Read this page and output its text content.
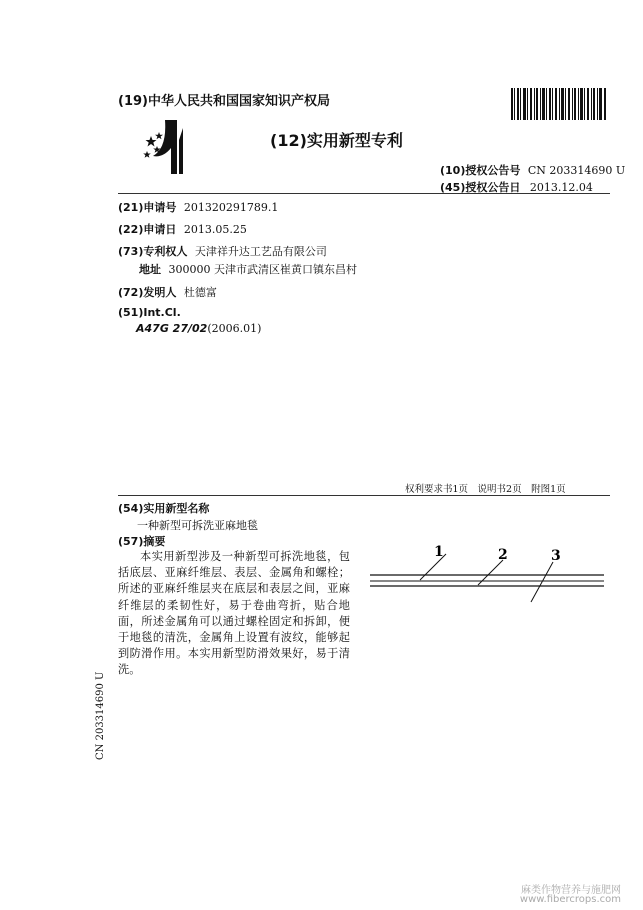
(19)中华人民共和国国家知识产权局
(12)实用新型专利
(10)授权公告号 CN 203314690 U
(45)授权公告日 2013.12.04
(21)申请号 201320291789.1
(22)申请日 2013.05.25
(73)专利权人 天津祥升达工艺品有限公司
地址 300000 天津市武清区崔黄口镇东昌村
(72)发明人 杜德富
(51)Int.Cl.
A47G 27/02(2006.01)
权利要求书1页　说明书2页　附图1页
(54)实用新型名称
一种新型可拆洗亚麻地毯
(57)摘要

本实用新型涉及一种新型可拆洗地毯，包括底层、亚麻纤维层、表层、金属角和螺栓；所述的亚麻纤维层夹在底层和表层之间，亚麻纤维层的柔韧性好，易于卷曲弯折，贴合地面，所述金属角可以通过螺栓固定和拆卸，便于地毯的清洗，金属角上设置有波纹，能够起到防滑作用。本实用新型防滑效果好，易于清洗。

1	2	3
CN 203314690 U
麻类作物营养与施肥网
www.fibercrops.com
